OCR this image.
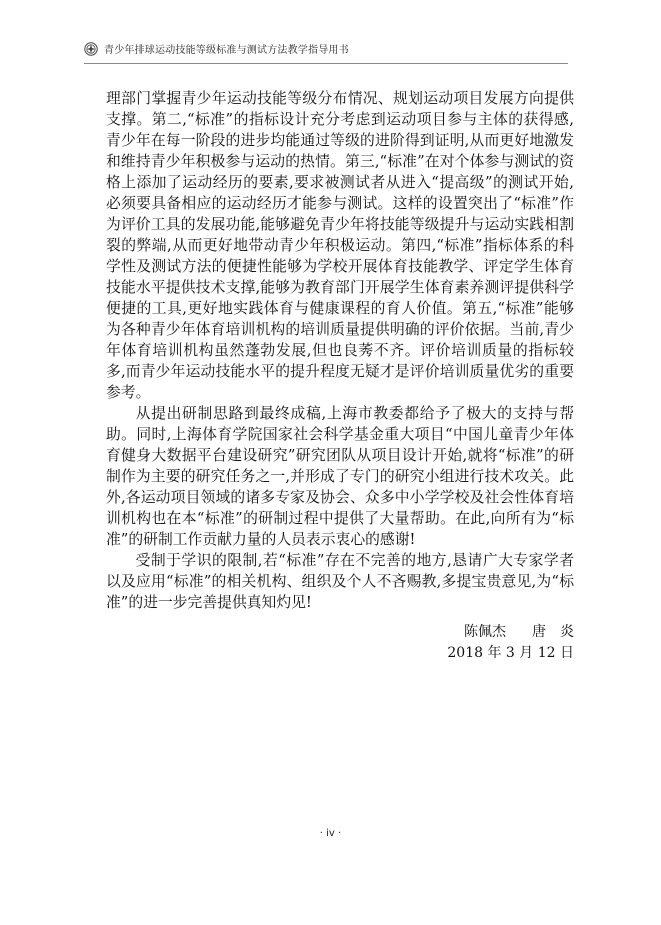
青少年排球运动技能等级标准与测试方法教学指导用书

理部门掌握青少年运动技能等级分布情况、规划运动项目发展方向提供支撑。第二,“标准”的指标设计充分考虑到运动项目参与主体的获得感,青少年在每一阶段的进步均能通过等级的进阶得到证明,从而更好地激发和维持青少年积极参与运动的热情。第三,“标准”在对个体参与测试的资格上添加了运动经历的要素,要求被测试者从进入“提高级”的测试开始,必须要具备相应的运动经历才能参与测试。这样的设置突出了“标准”作为评价工具的发展功能,能够避免青少年将技能等级提升与运动实践相割裂的弊端,从而更好地带动青少年积极运动。第四,“标准”指标体系的科学性及测试方法的便捷性能够为学校开展体育技能教学、评定学生体育技能水平提供技术支撑,能够为教育部门开展学生体育素养测评提供科学便捷的工具,更好地实践体育与健康课程的育人价值。第五,“标准”能够为各种青少年体育培训机构的培训质量提供明确的评价依据。当前,青少年体育培训机构虽然蓬勃发展,但也良莠不齐。评价培训质量的指标较多,而青少年运动技能水平的提升程度无疑才是评价培训质量优劣的重要参考。

从提出研制思路到最终成稿,上海市教委都给予了极大的支持与帮助。同时,上海体育学院国家社会科学基金重大项目“中国儿童青少年体育健身大数据平台建设研究”研究团队从项目设计开始,就将“标准”的研制作为主要的研究任务之一,并形成了专门的研究小组进行技术攻关。此外,各运动项目领域的诸多专家及协会、众多中小学学校及社会性体育培训机构也在本“标准”的研制过程中提供了大量帮助。在此,向所有为“标准”的研制工作贡献力量的人员表示衷心的感谢!

受制于学识的限制,若“标准”存在不完善的地方,恳请广大专家学者以及应用“标准”的相关机构、组织及个人不吝赐教,多提宝贵意见,为“标准”的进一步完善提供真知灼见!

陈佩杰 唐　炎
2018 年 3 月 12 日
· iv ·
